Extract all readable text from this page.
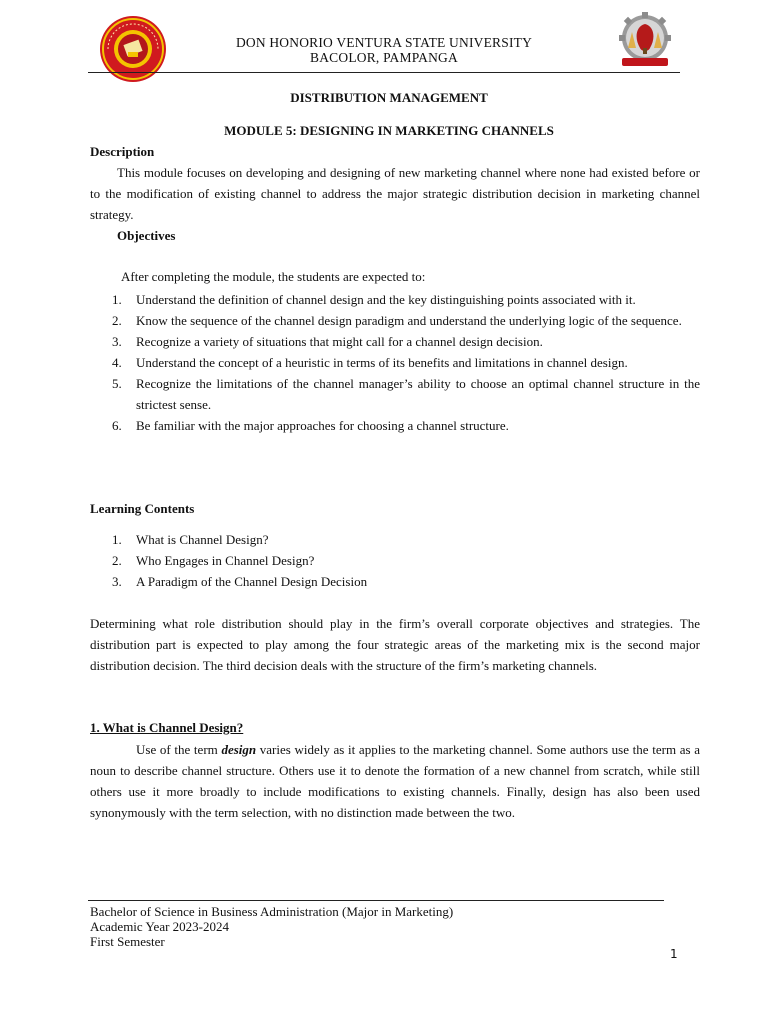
DON HONORIO VENTURA STATE UNIVERSITY
BACOLOR, PAMPANGA
DISTRIBUTION MANAGEMENT
MODULE 5: DESIGNING IN MARKETING CHANNELS
Description

This module focuses on developing and designing of new marketing channel where none had existed before or to the modification of existing channel to address the major strategic distribution decision in marketing channel strategy.

Objectives
After completing the module, the students are expected to:
1. Understand the definition of channel design and the key distinguishing points associated with it.
2. Know the sequence of the channel design paradigm and understand the underlying logic of the sequence.
3. Recognize a variety of situations that might call for a channel design decision.
4. Understand the concept of a heuristic in terms of its benefits and limitations in channel design.
5. Recognize the limitations of the channel manager’s ability to choose an optimal channel structure in the strictest sense.
6. Be familiar with the major approaches for choosing a channel structure.
Learning Contents
1. What is Channel Design?
2. Who Engages in Channel Design?
3. A Paradigm of the Channel Design Decision

Determining what role distribution should play in the firm’s overall corporate objectives and strategies. The distribution part is expected to play among the four strategic areas of the marketing mix is the second major distribution decision. The third decision deals with the structure of the firm’s marketing channels.

1. What is Channel Design?

Use of the term design varies widely as it applies to the marketing channel. Some authors use the term as a noun to describe channel structure. Others use it to denote the formation of a new channel from scratch, while still others use it more broadly to include modifications to existing channels. Finally, design has also been used synonymously with the term selection, with no distinction made between the two.

Bachelor of Science in Business Administration (Major in Marketing)
Academic Year 2023-2024
First Semester
1
